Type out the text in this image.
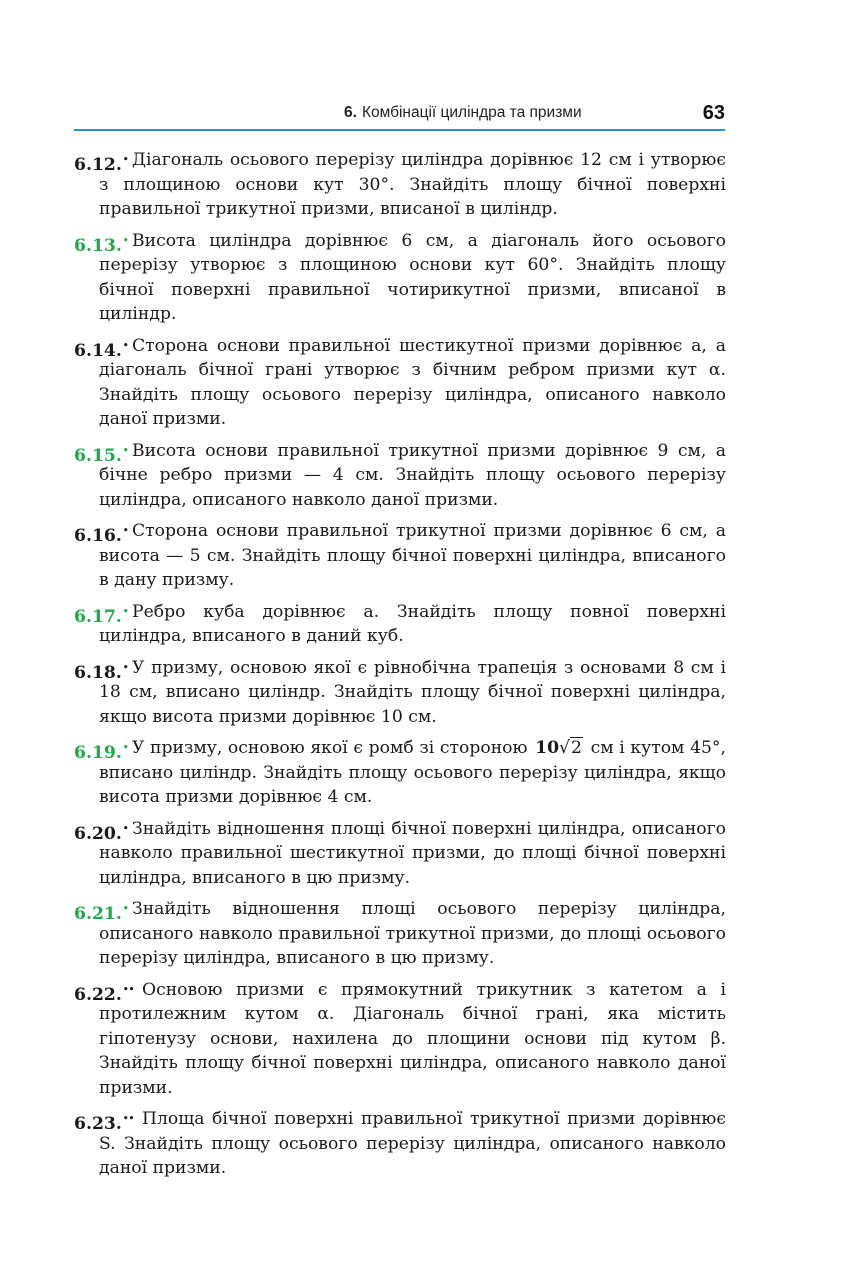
6. Комбінації циліндра та призми	63
6.12.• Діагональ осьового перерізу циліндра дорівнює 12 см і утворює з площиною основи кут 30°. Знайдіть площу бічної поверхні правильної трикутної призми, вписаної в циліндр.
6.13.• Висота циліндра дорівнює 6 см, а діагональ його осьового перерізу утворює з площиною основи кут 60°. Знайдіть площу бічної поверхні правильної чотирикутної призми, вписаної в циліндр.
6.14.• Сторона основи правильної шестикутної призми дорівнює a, а діагональ бічної грані утворює з бічним ребром призми кут α. Знайдіть площу осьового перерізу циліндра, описаного навколо даної призми.
6.15.• Висота основи правильної трикутної призми дорівнює 9 см, а бічне ребро призми — 4 см. Знайдіть площу осьового перерізу циліндра, описаного навколо даної призми.
6.16.• Сторона основи правильної трикутної призми дорівнює 6 см, а висота — 5 см. Знайдіть площу бічної поверхні циліндра, вписаного в дану призму.
6.17.• Ребро куба дорівнює a. Знайдіть площу повної поверхні циліндра, вписаного в даний куб.
6.18.• У призму, основою якої є рівнобічна трапеція з основами 8 см і 18 см, вписано циліндр. Знайдіть площу бічної поверхні циліндра, якщо висота призми дорівнює 10 см.
6.19.• У призму, основою якої є ромб зі стороною 10√2 см і кутом 45°, вписано циліндр. Знайдіть площу осьового перерізу циліндра, якщо висота призми дорівнює 4 см.
6.20.• Знайдіть відношення площі бічної поверхні циліндра, описаного навколо правильної шестикутної призми, до площі бічної поверхні циліндра, вписаного в цю призму.
6.21.• Знайдіть відношення площі осьового перерізу циліндра, описаного навколо правильної трикутної призми, до площі осьового перерізу циліндра, вписаного в цю призму.
6.22.•• Основою призми є прямокутний трикутник з катетом a і протилежним кутом α. Діагональ бічної грані, яка містить гіпотенузу основи, нахилена до площини основи під кутом β. Знайдіть площу бічної поверхні циліндра, описаного навколо даної призми.
6.23.•• Площа бічної поверхні правильної трикутної призми дорівнює S. Знайдіть площу осьового перерізу циліндра, описаного навколо даної призми.
